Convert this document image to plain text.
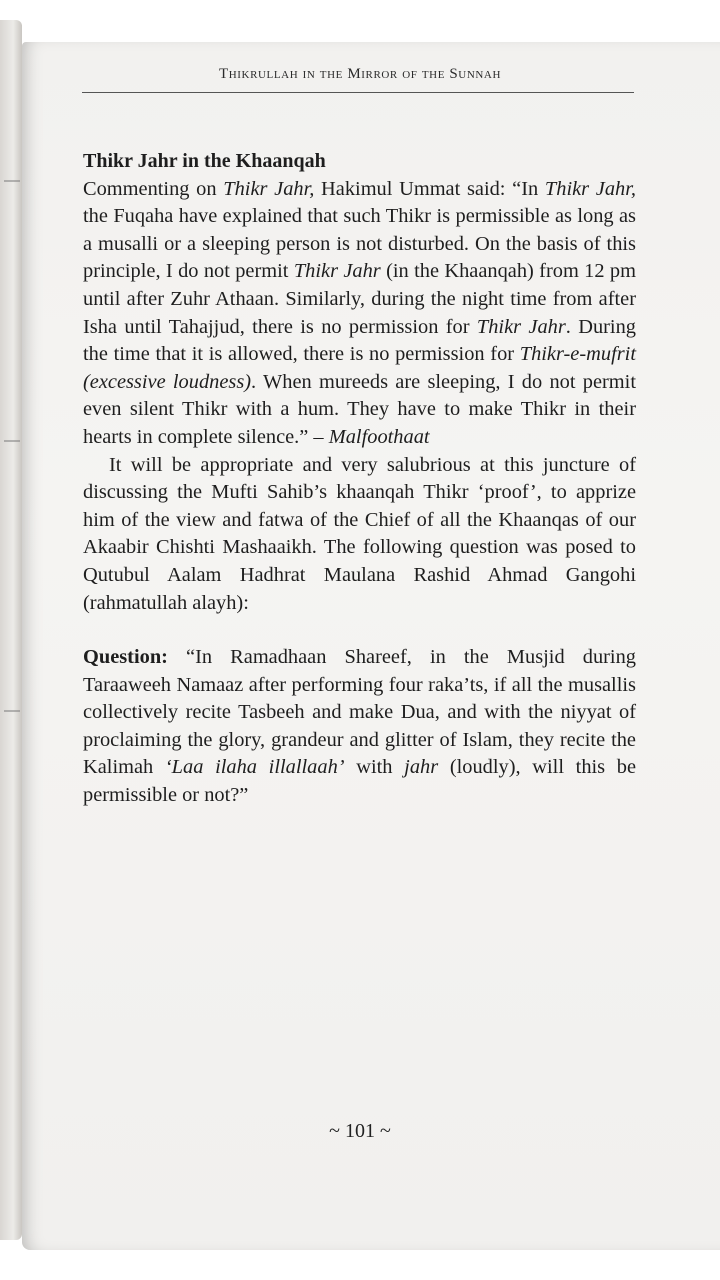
Thikrullah in the Mirror of the Sunnah

Thikr Jahr in the Khaanqah

Commenting on Thikr Jahr, Hakimul Ummat said: “In Thikr Jahr, the Fuqaha have explained that such Thikr is permissible as long as a musalli or a sleeping person is not disturbed. On the basis of this principle, I do not permit Thikr Jahr (in the Khaanqah) from 12 pm until after Zuhr Athaan. Similarly, during the night time from after Isha until Tahajjud, there is no permission for Thikr Jahr. During the time that it is allowed, there is no permission for Thikr-e-mufrit (excessive loudness). When mureeds are sleeping, I do not permit even silent Thikr with a hum. They have to make Thikr in their hearts in complete silence.” – Malfoothaat

It will be appropriate and very salubrious at this juncture of discussing the Mufti Sahib’s khaanqah Thikr ‘proof’, to apprize him of the view and fatwa of the Chief of all the Khaanqas of our Akaabir Chishti Mashaaikh. The following question was posed to Qutubul Aalam Hadhrat Maulana Rashid Ahmad Gangohi (rahmatullah alayh):

Question: “In Ramadhaan Shareef, in the Musjid during Taraaweeh Namaaz after performing four raka’ts, if all the musallis collectively recite Tasbeeh and make Dua, and with the niyyat of proclaiming the glory, grandeur and glitter of Islam, they recite the Kalimah ‘Laa ilaha illallaah’ with jahr (loudly), will this be permissible or not?”

~ 101 ~
